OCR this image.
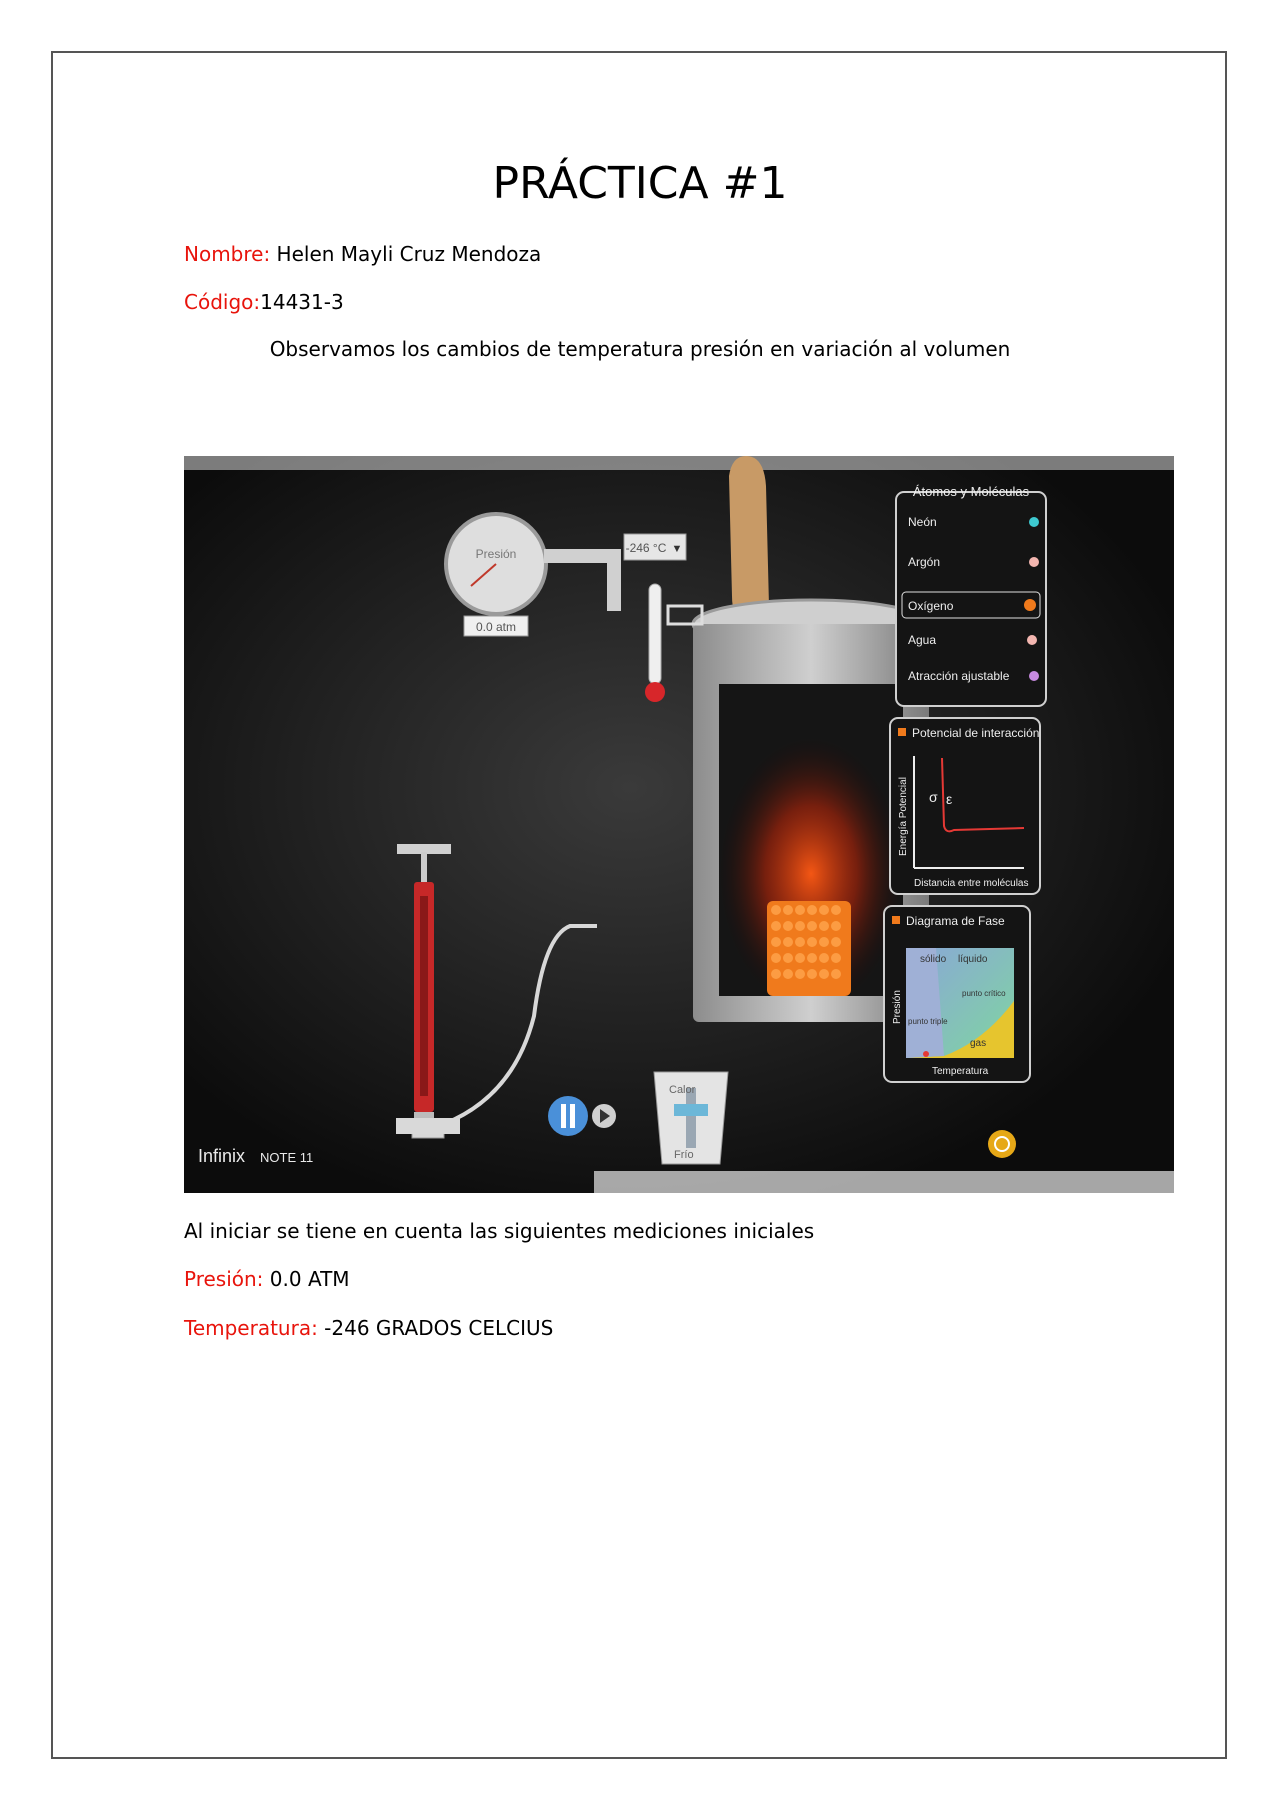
PRÁCTICA #1
Nombre: Helen Mayli Cruz Mendoza
Código:14431-3
Observamos los cambios de temperatura presión en variación al volumen
Presión
0.0 atm
-246 °C ▼
Calor
Frío
Átomos y Moléculas
Neón
Argón
Oxígeno
Agua
Atracción ajustable
Potencial de interacción
σ ε
Energía Potencial
Distancia entre moléculas
Diagrama de Fase
sólido líquido
gas
punto triple
punto crítico
Presión
Temperatura
Infinix NOTE 11
Al iniciar se tiene en cuenta las siguientes mediciones iniciales
Presión: 0.0 ATM
Temperatura: -246 GRADOS CELCIUS
